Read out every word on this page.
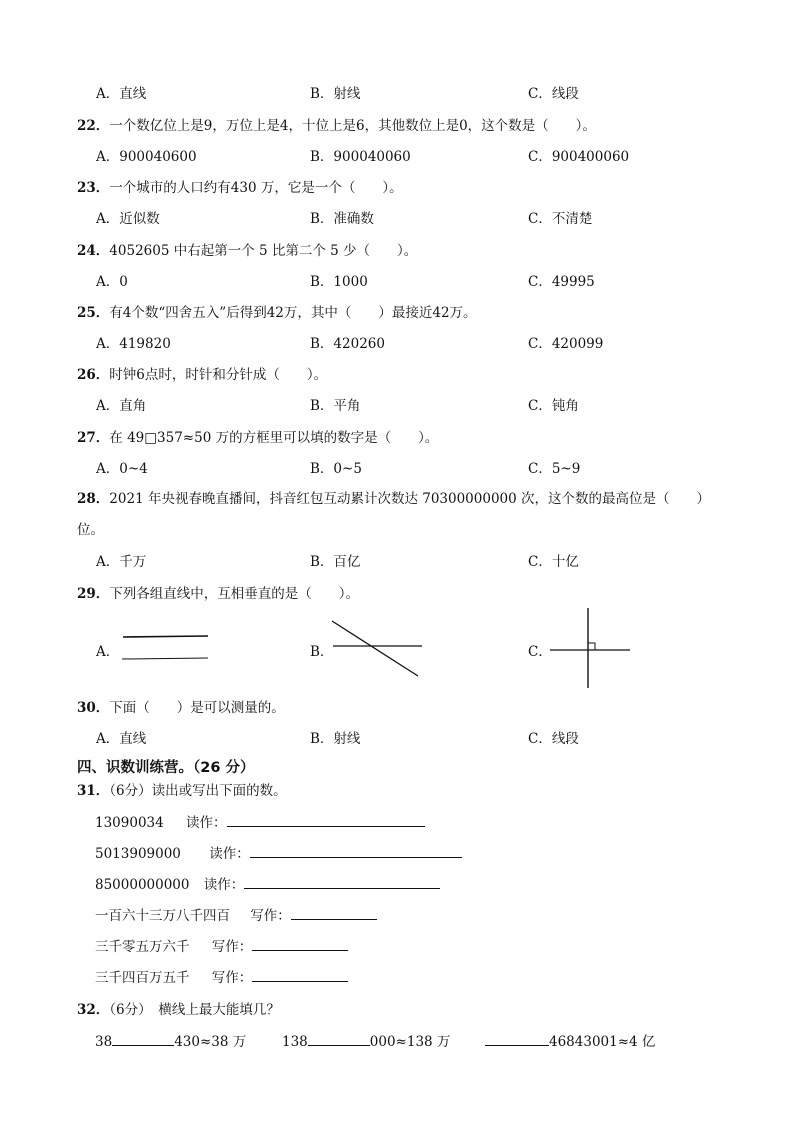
A．直线	B．射线	C．线段
22．一个数亿位上是9，万位上是4，十位上是6，其他数位上是0，这个数是（　　）。
A．900040600	B．900040060	C．900400060
23．一个城市的人口约有430 万，它是一个（　　）。
A．近似数	B．准确数	C．不清楚
24．4052605 中右起第一个 5 比第二个 5 少（　　）。
A．0	B．1000	C．49995
25．有4个数“四舍五入”后得到42万，其中（　　）最接近42万。
A．419820	B．420260	C．420099
26．时钟6点时，时针和分针成（　　）。
A．直角	B．平角	C．钝角
27．在 49□357≈50 万的方框里可以填的数字是（　　）。
A．0~4	B．0~5	C．5~9
28．2021 年央视春晚直播间，抖音红包互动累计次数达 70300000000 次，这个数的最高位是（　　）
位。
A．千万	B．百亿	C．十亿
29．下列各组直线中，互相垂直的是（　　）。
A．	B．	C．
30．下面（　　）是可以测量的。
A．直线	B．射线	C．线段
四、识数训练营。（26 分）
31．（6分）读出或写出下面的数。
13090034 读作：
5013909000 读作：
85000000000 读作：
一百六十三万八千四百 写作：
三千零五万六千 写作：
三千四百万五千 写作：
32．（6分）　横线上最大能填几？
38	430≈38 万	138	000≈138 万	46843001≈4 亿
